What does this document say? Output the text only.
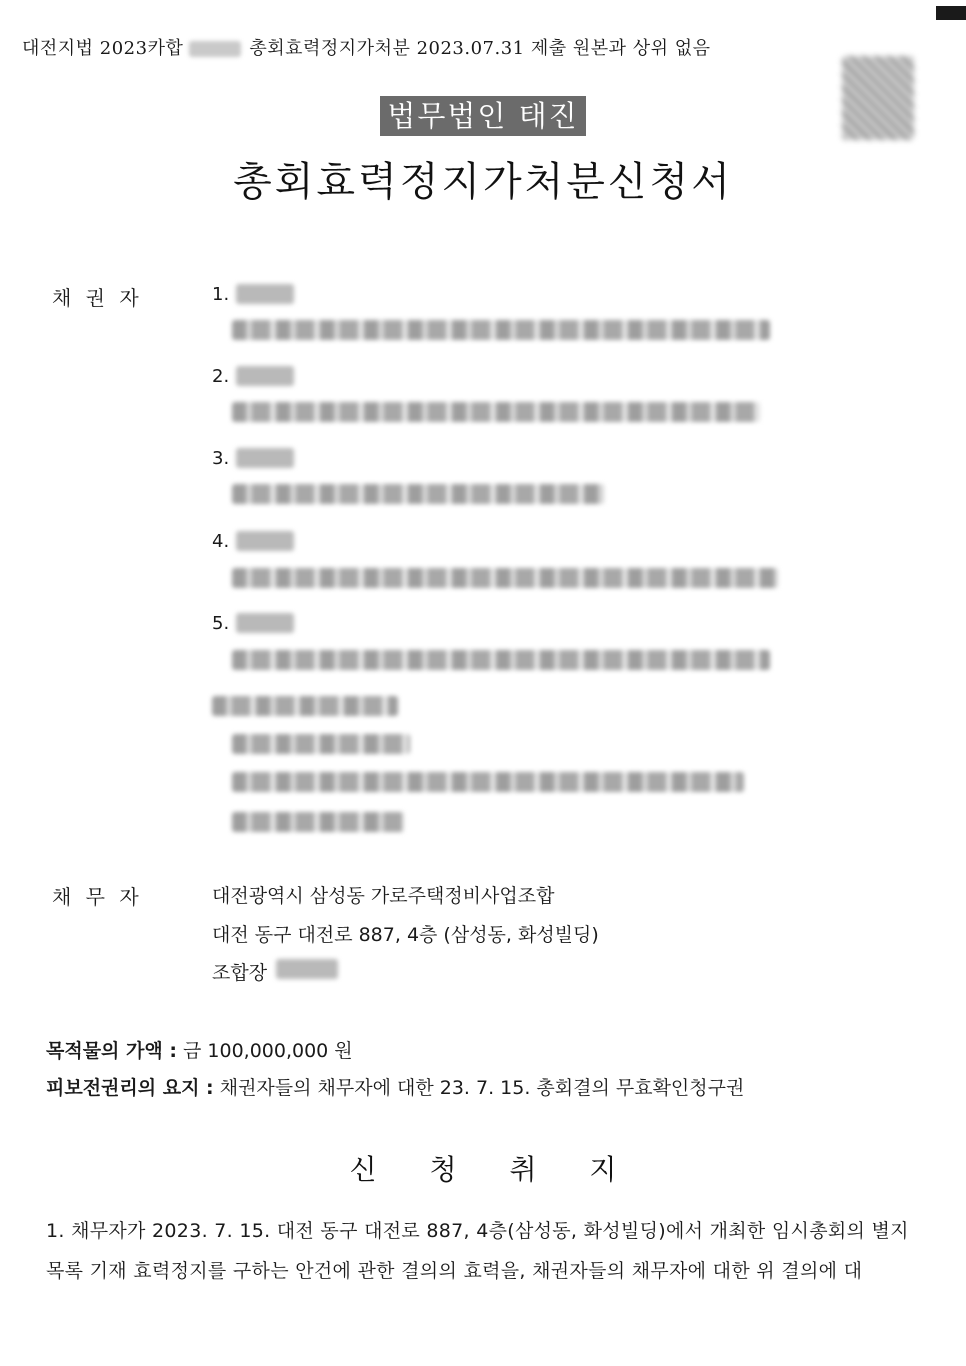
대전지법 2023카합	총회효력정지가처분 2023.07.31 제출 원본과 상위 없음
법무법인 태진
총회효력정지가처분신청서
채 권 자	1.
2.
3.
4.
5.
채 무 자	대전광역시 삼성동 가로주택정비사업조합
대전 동구 대전로 887, 4층 (삼성동, 화성빌딩)
조합장
목적물의 가액 : 금 100,000,000 원
피보전권리의 요지 : 채권자들의 채무자에 대한 23. 7. 15. 총회결의 무효확인청구권
신 청 취 지
1. 채무자가 2023. 7. 15. 대전 동구 대전로 887, 4층(삼성동, 화성빌딩)에서 개최한 임시총회의 별지
목록 기재 효력정지를 구하는 안건에 관한 결의의 효력을, 채권자들의 채무자에 대한 위 결의에 대
